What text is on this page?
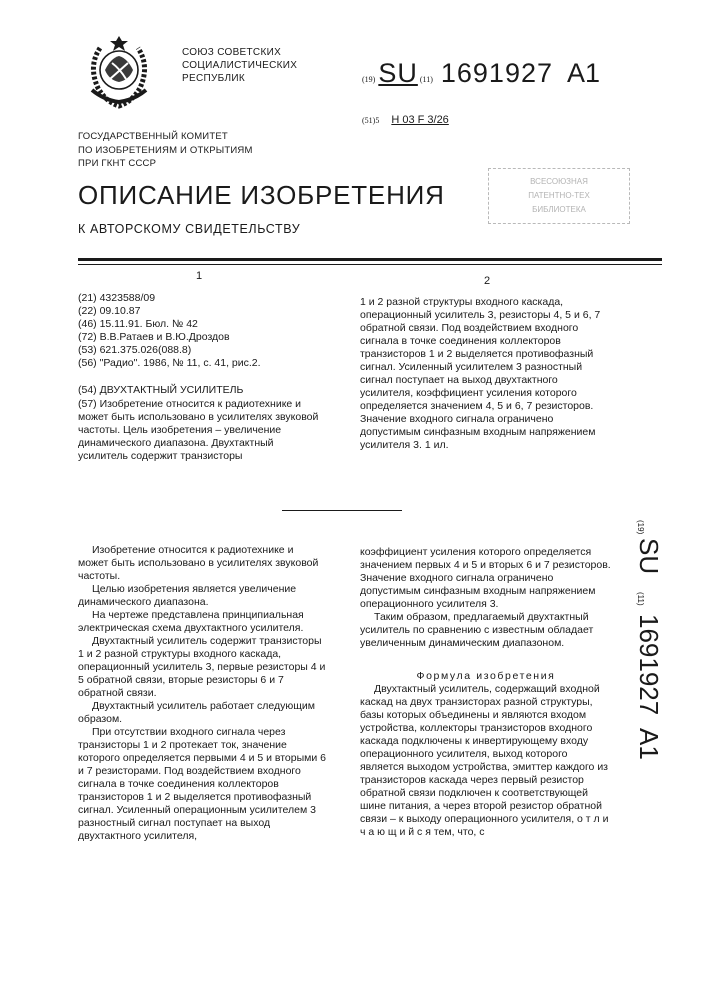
СОЮЗ СОВЕТСКИХ
СОЦИАЛИСТИЧЕСКИХ
РЕСПУБЛИК	(19) SU (11) 1691927 A1
(51)5 H 03 F 3/26
ГОСУДАРСТВЕННЫЙ КОМИТЕТ
ПО ИЗОБРЕТЕНИЯМ И ОТКРЫТИЯМ
ПРИ ГКНТ СССР
ВСЕСОЮЗНАЯ
ПАТЕНТНО-ТЕХ
БИБЛИОТЕКА
ОПИСАНИЕ ИЗОБРЕТЕНИЯ
К АВТОРСКОМУ СВИДЕТЕЛЬСТВУ
1	2
(21) 4323588/09
(22) 09.10.87
(46) 15.11.91. Бюл. № 42
(72) В.В.Ратаев и В.Ю.Дроздов
(53) 621.375.026(088.8)
(56) "Радио". 1986, № 11, с. 41, рис.2.
(54) ДВУХТАКТНЫЙ УСИЛИТЕЛЬ

(57) Изобретение относится к радиотехнике и может быть использовано в усилителях звуковой частоты. Цель изобретения – увеличение динамического диапазона. Двухтактный усилитель содержит транзисторы

1 и 2 разной структуры входного каскада, операционный усилитель 3, резисторы 4, 5 и 6, 7 обратной связи. Под воздействием входного сигнала в точке соединения коллекторов транзисторов 1 и 2 выделяется противофазный сигнал. Усиленный усилителем 3 разностный сигнал поступает на выход двухтактного усилителя, коэффициент усиления которого определяется значением 4, 5 и 6, 7 резисторов. Значение входного сигнала ограничено допустимым синфазным входным напряжением усилителя 3. 1 ил.

Изобретение относится к радиотехнике и может быть использовано в усилителях звуковой частоты.

Целью изобретения является увеличение динамического диапазона.

На чертеже представлена принципиальная электрическая схема двухтактного усилителя.

Двухтактный усилитель содержит транзисторы 1 и 2 разной структуры входного каскада, операционный усилитель 3, первые резисторы 4 и 5 обратной связи, вторые резисторы 6 и 7 обратной связи.

Двухтактный усилитель работает следующим образом.

При отсутствии входного сигнала через транзисторы 1 и 2 протекает ток, значение которого определяется первыми 4 и 5 и вторыми 6 и 7 резисторами. Под воздействием входного сигнала в точке соединения коллекторов транзисторов 1 и 2 выделяется противофазный сигнал. Усиленный операционным усилителем 3 разностный сигнал поступает на выход двухтактного усилителя,

коэффициент усиления которого определяется значением первых 4 и 5 и вторых 6 и 7 резисторов. Значение входного сигнала ограничено допустимым синфазным входным напряжением операционного усилителя 3.

Таким образом, предлагаемый двухтактный усилитель по сравнению с известным обладает увеличенным динамическим диапазоном.

Формула изобретения

Двухтактный усилитель, содержащий входной каскад на двух транзисторах разной структуры, базы которых объединены и являются входом устройства, коллекторы транзисторов входного каскада подключены к инвертирующему входу операционного усилителя, выход которого является выходом устройства, эмиттер каждого из транзисторов каскада через первый резистор обратной связи подключен к соответствующей шине питания, а через второй резистор обратной связи – к выходу операционного усилителя, о т л и ч а ю щ и й с я тем, что, с

(19)
SU
(11)
1691927
A1
